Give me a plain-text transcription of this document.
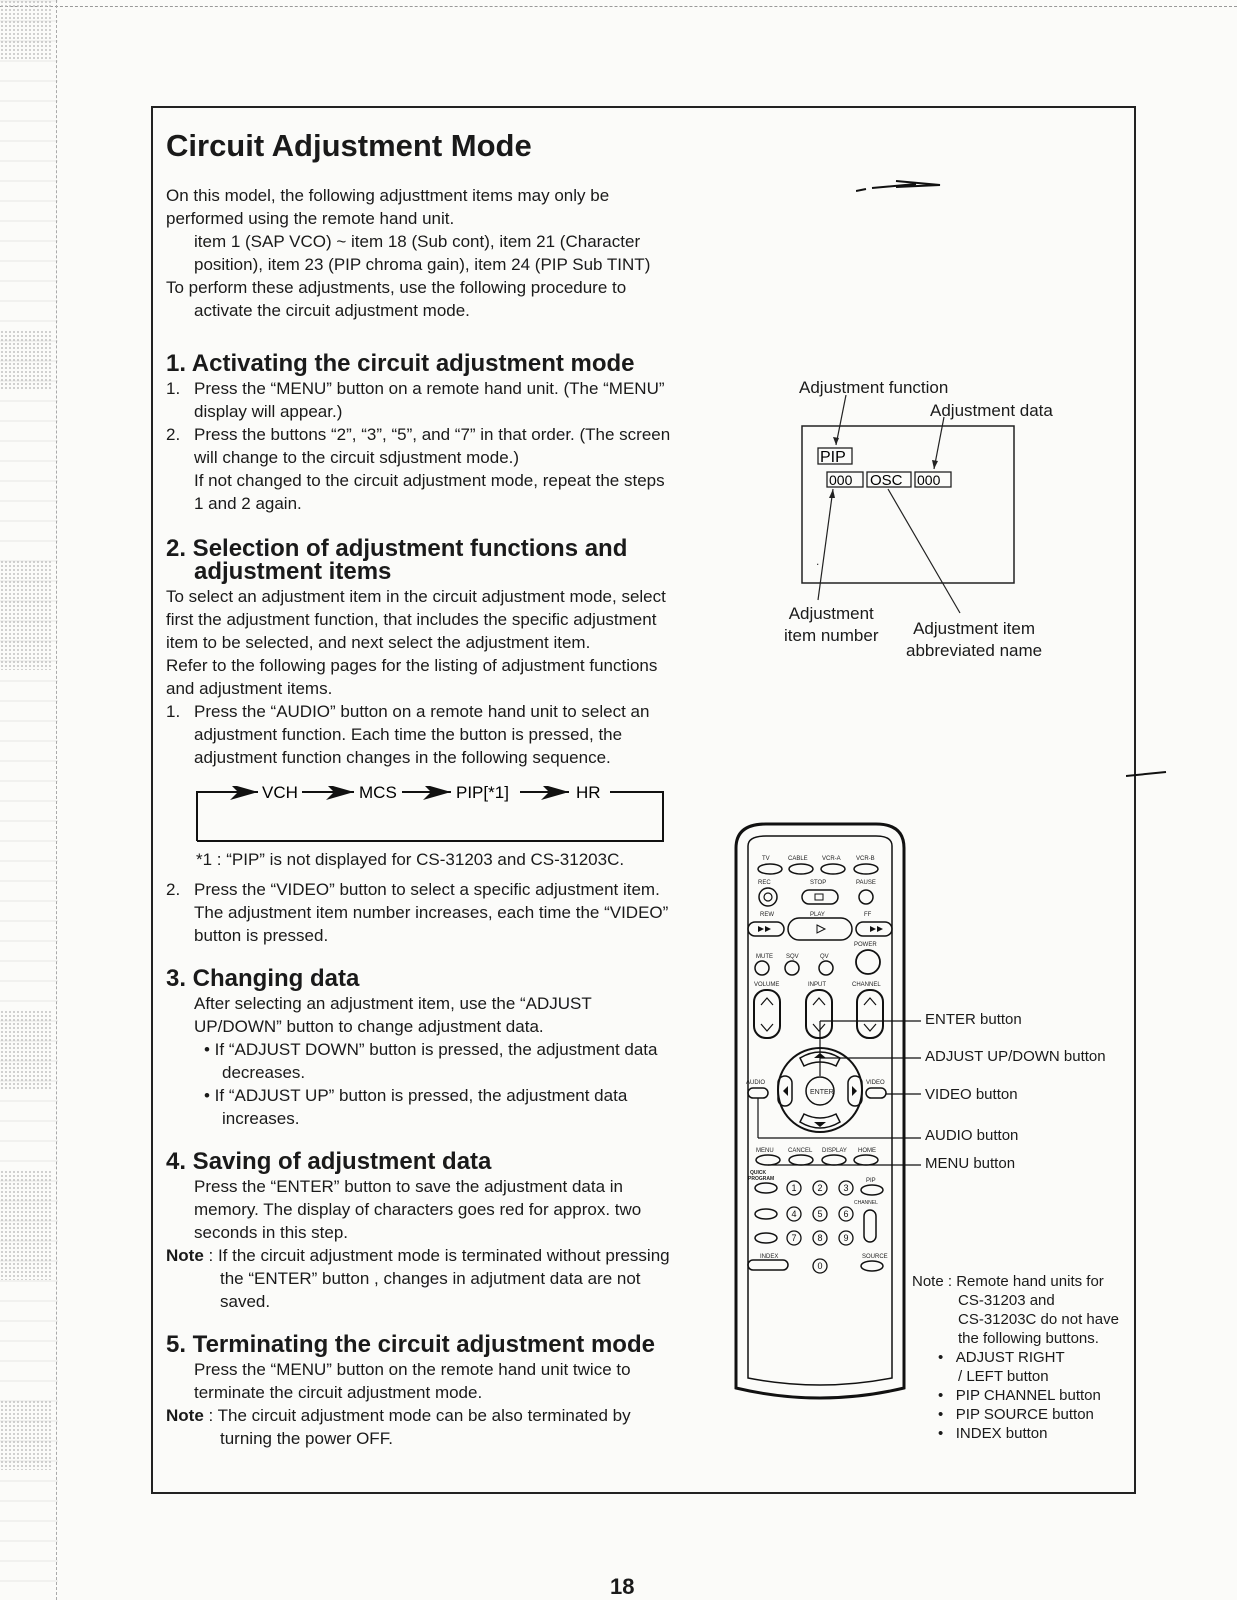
Circuit Adjustment Mode
On this model, the following adjusttment items may only be
performed using the remote hand unit.
item 1 (SAP VCO) ~ item 18 (Sub cont), item 21 (Character
position), item 23 (PIP chroma gain), item 24 (PIP Sub TINT)
To perform these adjustments, use the following procedure to
activate the circuit adjustment mode.
1. Activating the circuit adjustment mode
1. Press the “MENU” button on a remote hand unit. (The “MENU”
display will appear.)
2. Press the buttons “2”, “3”, “5”, and “7” in that order. (The screen
will change to the circuit sdjustment mode.)
If not changed to the circuit adjustment mode, repeat the steps
1 and 2 again.
2. Selection of adjustment functions and
adjustment items
To select an adjustment item in the circuit adjustment mode, select
first the adjustment function, that includes the specific adjustment
item to be selected, and next select the adjustment item.
Refer to the following pages for the listing of adjustment functions
and adjustment items.
1. Press the “AUDIO” button on a remote hand unit to select an
adjustment function. Each time the button is pressed, the
adjustment function changes in the following sequence.
VCH	MCS	PIP[*1]	HR
*1 : “PIP” is not displayed for CS-31203 and CS-31203C.
2. Press the “VIDEO” button to select a specific adjustment item.
The adjustment item number increases, each time the “VIDEO”
button is pressed.
3. Changing data
After selecting an adjustment item, use the “ADJUST
UP/DOWN” button to change adjustment data.
• If “ADJUST DOWN” button is pressed, the adjustment data
decreases.
• If “ADJUST UP” button is pressed, the adjustment data
increases.
4. Saving of adjustment data
Press the “ENTER” button to save the adjustment data in
memory. The display of characters goes red for approx. two
seconds in this step.
Note : If the circuit adjustment mode is terminated without pressing
the “ENTER” button , changes in adjutment data are not
saved.
5. Terminating the circuit adjustment mode
Press the “MENU” button on the remote hand unit twice to
terminate the circuit adjustment mode.
Note : The circuit adjustment mode can be also terminated by
turning the power OFF.
Adjustment function
Adjustment data
PIP
000 OSC 000
.
Adjustment
item number	Adjustment item
abbreviated name
TV	CABLE VCR-A	VCR-B
REC	STOP	PAUSE
REW	PLAY	FF
POWER
MUTE SQV	QV
VOLUME	INPUT	CHANNEL
ENTER
AUDIO	VIDEO
MENU CANCEL DISPLAY HOME
QUICK
PROGRAM	PIP
CHANNEL
INDEX	SOURCE
1 2 3
4 5 6
7 8 9
0
ENTER button
ADJUST UP/DOWN button
VIDEO button
AUDIO button
MENU button
Note : Remote hand units for
CS-31203 and
CS-31203C do not have
the following buttons.
•   ADJUST RIGHT
/ LEFT button
•   PIP CHANNEL button
•   PIP SOURCE button
•   INDEX button
18
